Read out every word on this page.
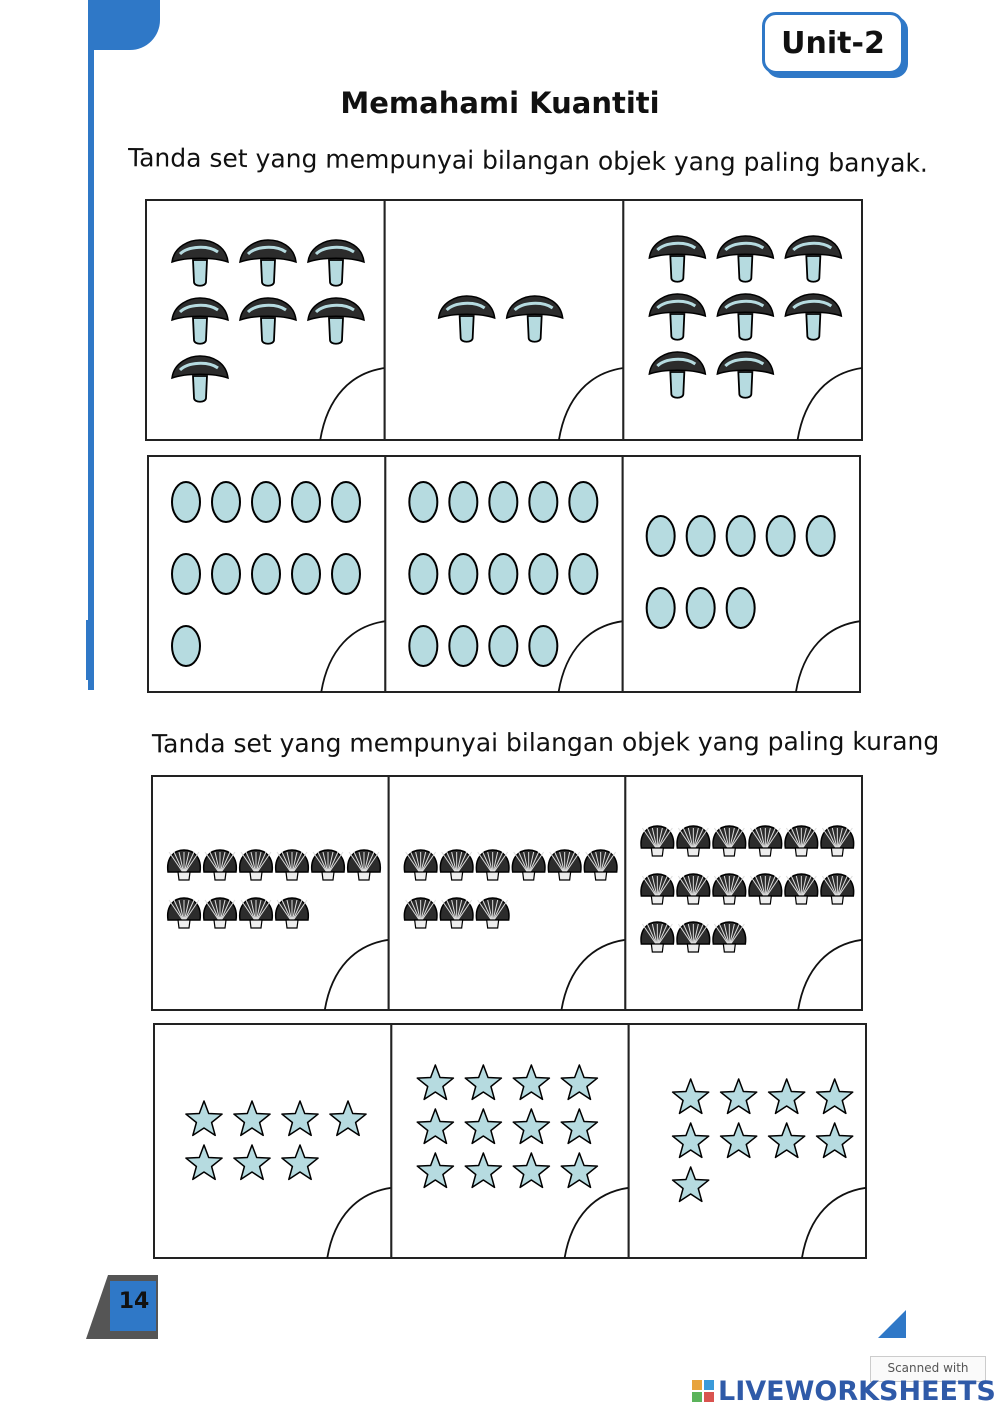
Unit-2
Memahami Kuantiti
Tanda set yang mempunyai bilangan objek yang paling banyak.
Tanda set yang mempunyai bilangan objek yang paling kurang
14
Scanned with
LIVEWORKSHEETS
